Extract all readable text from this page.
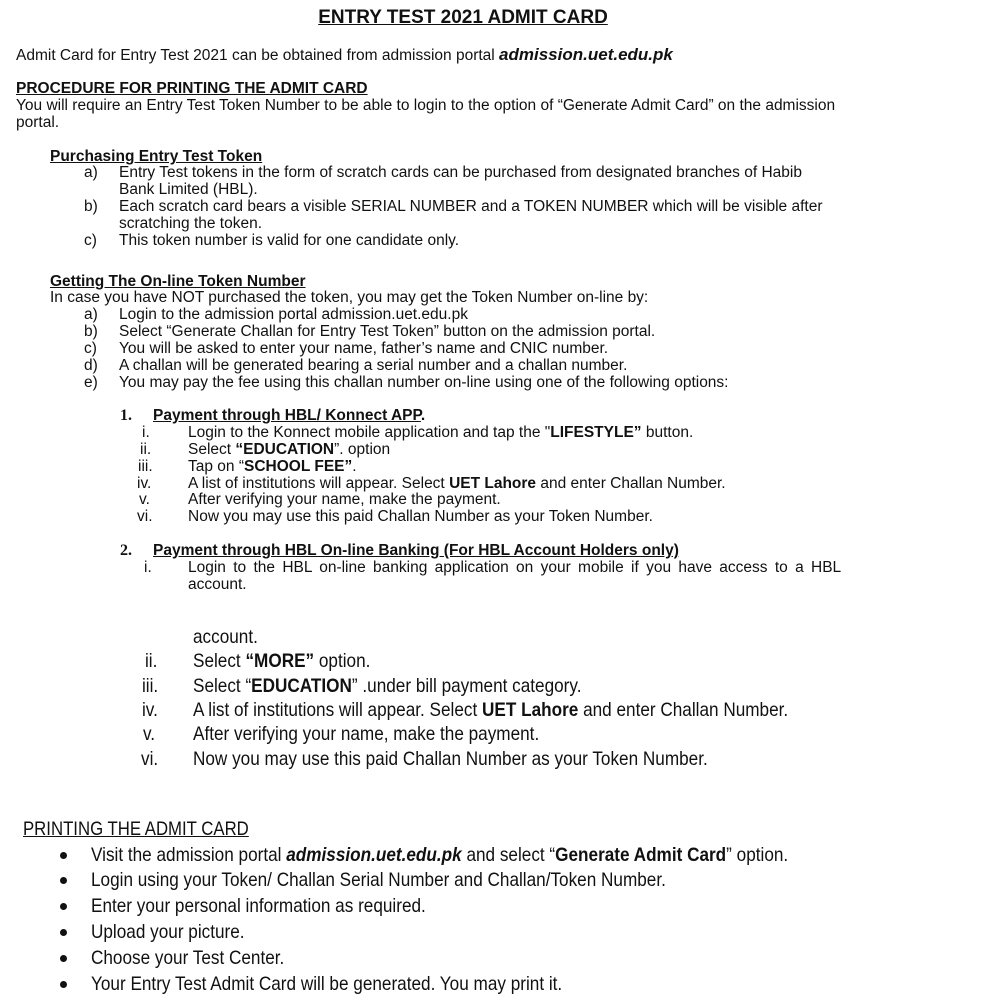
ENTRY TEST 2021 ADMIT CARD
Admit Card for Entry Test 2021 can be obtained from admission portal admission.uet.edu.pk
PROCEDURE FOR PRINTING THE ADMIT CARD
You will require an Entry Test Token Number to be able to login to the option of “Generate Admit Card” on the admission
portal.
Purchasing Entry Test Token
a) Entry Test tokens in the form of scratch cards can be purchased from designated branches of Habib
Bank Limited (HBL).
b) Each scratch card bears a visible SERIAL NUMBER and a TOKEN NUMBER which will be visible after
scratching the token.
c) This token number is valid for one candidate only.
Getting The On-line Token Number
In case you have NOT purchased the token, you may get the Token Number on-line by:
a) Login to the admission portal admission.uet.edu.pk
b) Select “Generate Challan for Entry Test Token” button on the admission portal.
c) You will be asked to enter your name, father’s name and CNIC number.
d) A challan will be generated bearing a serial number and a challan number.
e) You may pay the fee using this challan number on-line using one of the following options:
1. Payment through HBL/ Konnect APP.
i. Login to the Konnect mobile application and tap the "LIFESTYLE” button.
ii. Select “EDUCATION”. option
iii. Tap on “SCHOOL FEE”.
iv. A list of institutions will appear. Select UET Lahore and enter Challan Number.
v. After verifying your name, make the payment.
vi. Now you may use this paid Challan Number as your Token Number.
2. Payment through HBL On-line Banking (For HBL Account Holders only)
i. Login to the HBL on-line banking application on your mobile if you have access to a HBL
account.
account.
ii. Select “MORE” option.
iii. Select “EDUCATION” .under bill payment category.
iv. A list of institutions will appear. Select UET Lahore and enter Challan Number.
v. After verifying your name, make the payment.
vi. Now you may use this paid Challan Number as your Token Number.
PRINTING THE ADMIT CARD
Visit the admission portal admission.uet.edu.pk and select “Generate Admit Card” option.
Login using your Token/ Challan Serial Number and Challan/Token Number.
Enter your personal information as required.
Upload your picture.
Choose your Test Center.
Your Entry Test Admit Card will be generated. You may print it.
